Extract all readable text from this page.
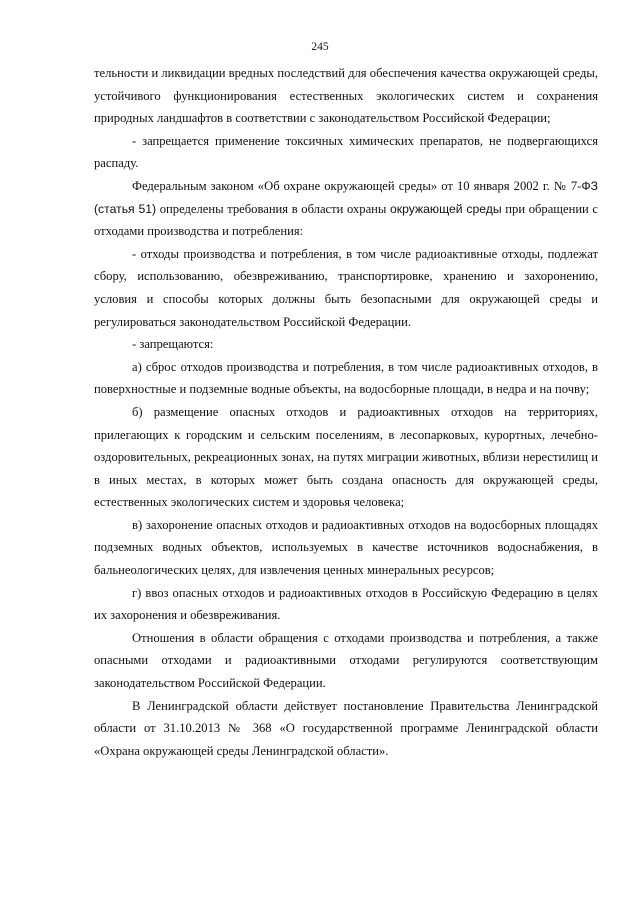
245

тельности и ликвидации вредных последствий для обеспечения качества окружающей среды, устойчивого функционирования естественных экологических систем и сохранения природных ландшафтов в соответствии с законодательством Российской Федерации;

- запрещается применение токсичных химических препаратов, не подвергающихся распаду.

Федеральным законом «Об охране окружающей среды» от 10 января 2002 г. № 7-ФЗ (статья 51) определены требования в области охраны окружающей среды при обращении с отходами производства и потребления:

- отходы производства и потребления, в том числе радиоактивные отходы, подлежат сбору, использованию, обезвреживанию, транспортировке, хранению и захоронению, условия и способы которых должны быть безопасными для окружающей среды и регулироваться законодательством Российской Федерации.

- запрещаются:

а) сброс отходов производства и потребления, в том числе радиоактивных отходов, в поверхностные и подземные водные объекты, на водосборные площади, в недра и на почву;

б) размещение опасных отходов и радиоактивных отходов на территориях, прилегающих к городским и сельским поселениям, в лесопарковых, курортных, лечебно-оздоровительных, рекреационных зонах, на путях миграции животных, вблизи нерестилищ и в иных местах, в которых может быть создана опасность для окружающей среды, естественных экологических систем и здоровья человека;

в) захоронение опасных отходов и радиоактивных отходов на водосборных площадях подземных водных объектов, используемых в качестве источников водоснабжения, в бальнеологических целях, для извлечения ценных минеральных ресурсов;

г) ввоз опасных отходов и радиоактивных отходов в Российскую Федерацию в целях их захоронения и обезвреживания.

Отношения в области обращения с отходами производства и потребления, а также опасными отходами и радиоактивными отходами регулируются соответствующим законодательством Российской Федерации.

В Ленинградской области действует постановление Правительства Ленинградской области от 31.10.2013 № 368 «О государственной программе Ленинградской области «Охрана окружающей среды Ленинградской области».
